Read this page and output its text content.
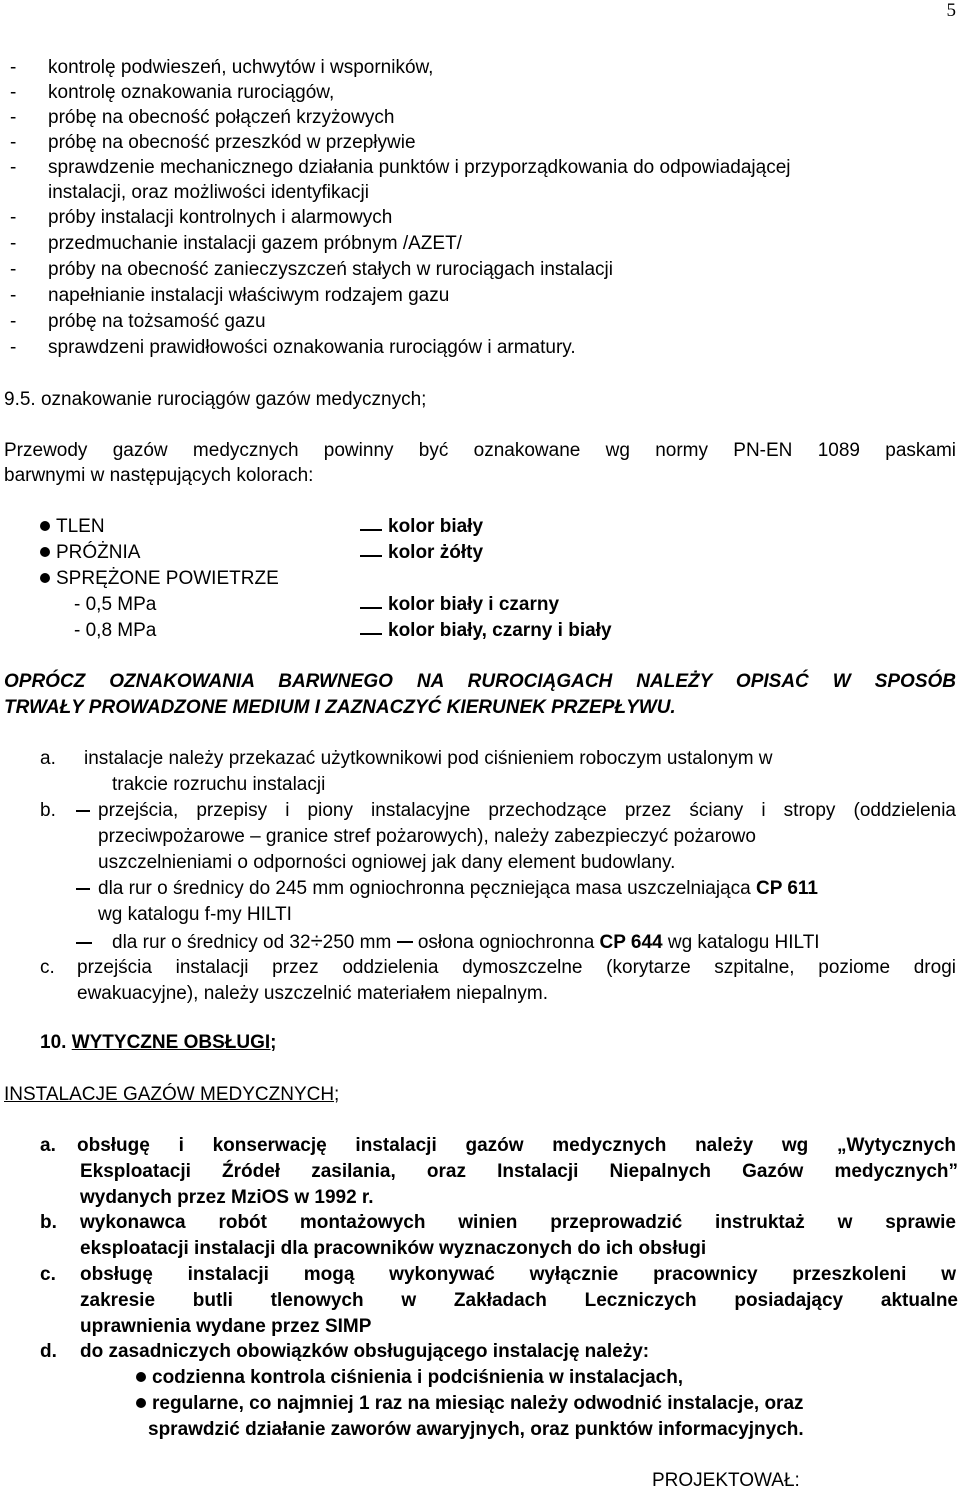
5
- kontrolę podwieszeń, uchwytów i wsporników,
- kontrolę oznakowania rurociągów,
- próbę na obecność połączeń krzyżowych
- próbę na obecność przeszkód w przepływie
- sprawdzenie mechanicznego działania punktów i przyporządkowania do odpowiadającej
instalacji, oraz możliwości identyfikacji
- próby instalacji kontrolnych i alarmowych
- przedmuchanie instalacji gazem próbnym /AZET/
- próby na obecność zanieczyszczeń stałych w rurociągach instalacji
- napełnianie instalacji właściwym rodzajem gazu
- próbę na tożsamość gazu
- sprawdzeni prawidłowości oznakowania rurociągów i armatury.
9.5. oznakowanie rurociągów gazów medycznych;
Przewody gazów medycznych powinny być oznakowane wg normy PN-EN 1089 paskami
barwnymi w następujących kolorach:
TLEN	kolor biały
PRÓŻNIA	kolor żółty
SPRĘŻONE POWIETRZE
- 0,5 MPa	kolor biały i czarny
- 0,8 MPa	kolor biały, czarny i biały
OPRÓCZ OZNAKOWANIA BARWNEGO NA RUROCIĄGACH NALEŻY OPISAĆ W SPOSÓB
TRWAŁY PROWADZONE MEDIUM I ZAZNACZYĆ KIERUNEK PRZEPŁYWU.
a. instalacje należy przekazać użytkownikowi pod ciśnieniem roboczym ustalonym w
trakcie rozruchu instalacji
b. przejścia, przepisy i piony instalacyjne przechodzące przez ściany i stropy (oddzielenia
przeciwpożarowe – granice stref pożarowych), należy zabezpieczyć pożarowo
uszczelnieniami o odporności ogniowej jak dany element budowlany.
dla rur o średnicy do 245 mm ogniochronna pęczniejąca masa uszczelniająca CP 611
wg katalogu f-my HILTI
dla rur o średnicy od 32÷250 mm osłona ogniochronna CP 644 wg katalogu HILTI
c. przejścia instalacji przez oddzielenia dymoszczelne (korytarze szpitalne, poziome drogi
ewakuacyjne), należy uszczelnić materiałem niepalnym.
10. WYTYCZNE OBSŁUGI;
INSTALACJE GAZÓW MEDYCZNYCH;
a. obsługę i konserwację instalacji gazów medycznych należy wg „Wytycznych
Eksploatacji Źródeł zasilania, oraz Instalacji Niepalnych Gazów medycznych”
wydanych przez MziOS w 1992 r.
b. wykonawca robót montażowych winien przeprowadzić instruktaż w sprawie
eksploatacji instalacji dla pracowników wyznaczonych do ich obsługi
c. obsługę instalacji mogą wykonywać wyłącznie pracownicy przeszkoleni w
zakresie butli tlenowych w Zakładach Leczniczych posiadający aktualne
uprawnienia wydane przez SIMP
d. do zasadniczych obowiązków obsługującego instalację należy:
codzienna kontrola ciśnienia i podciśnienia w instalacjach,
regularne, co najmniej 1 raz na miesiąc należy odwodnić instalacje, oraz
sprawdzić działanie zaworów awaryjnych, oraz punktów informacyjnych.
PROJEKTOWAŁ:
